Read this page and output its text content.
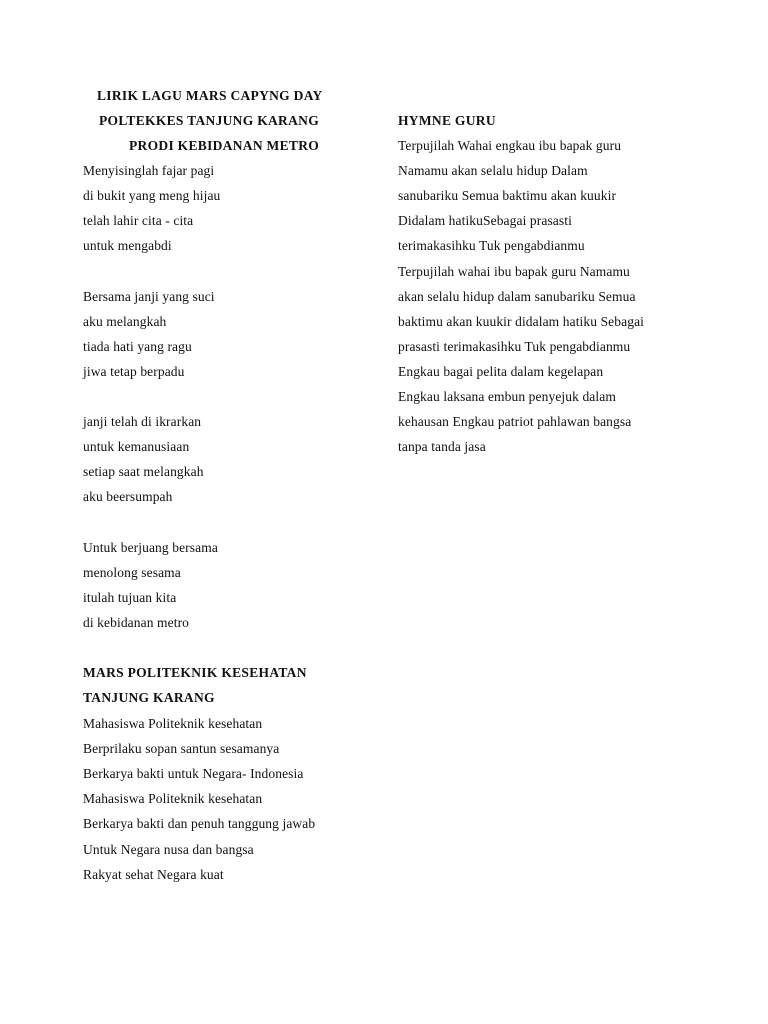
LIRIK LAGU MARS CAPYNG DAY
POLTEKKES TANJUNG KARANG
PRODI KEBIDANAN METRO
Menyisinglah fajar pagi
di bukit yang meng hijau
telah lahir cita - cita
untuk mengabdi
Bersama janji yang suci
aku melangkah
tiada hati yang ragu
jiwa tetap berpadu
janji telah di ikrarkan
untuk kemanusiaan
setiap saat melangkah
aku beersumpah
Untuk berjuang bersama
menolong sesama
itulah tujuan kita
di kebidanan metro
MARS POLITEKNIK KESEHATAN
TANJUNG KARANG
Mahasiswa Politeknik kesehatan
Berprilaku sopan santun sesamanya
Berkarya bakti untuk Negara- Indonesia
Mahasiswa Politeknik kesehatan
Berkarya bakti dan penuh tanggung jawab
Untuk Negara nusa dan bangsa
Rakyat sehat Negara kuat
HYMNE GURU
Terpujilah Wahai engkau ibu bapak guru
Namamu akan selalu hidup Dalam
sanubariku Semua baktimu akan kuukir
Didalam hatikuSebagai prasasti
terimakasihku Tuk pengabdianmu
Terpujilah wahai ibu bapak guru Namamu
akan selalu hidup dalam sanubariku Semua
baktimu akan kuukir didalam hatiku Sebagai
prasasti terimakasihku Tuk pengabdianmu
Engkau bagai pelita dalam kegelapan
Engkau laksana embun penyejuk dalam
kehausan Engkau patriot pahlawan bangsa
tanpa tanda jasa
